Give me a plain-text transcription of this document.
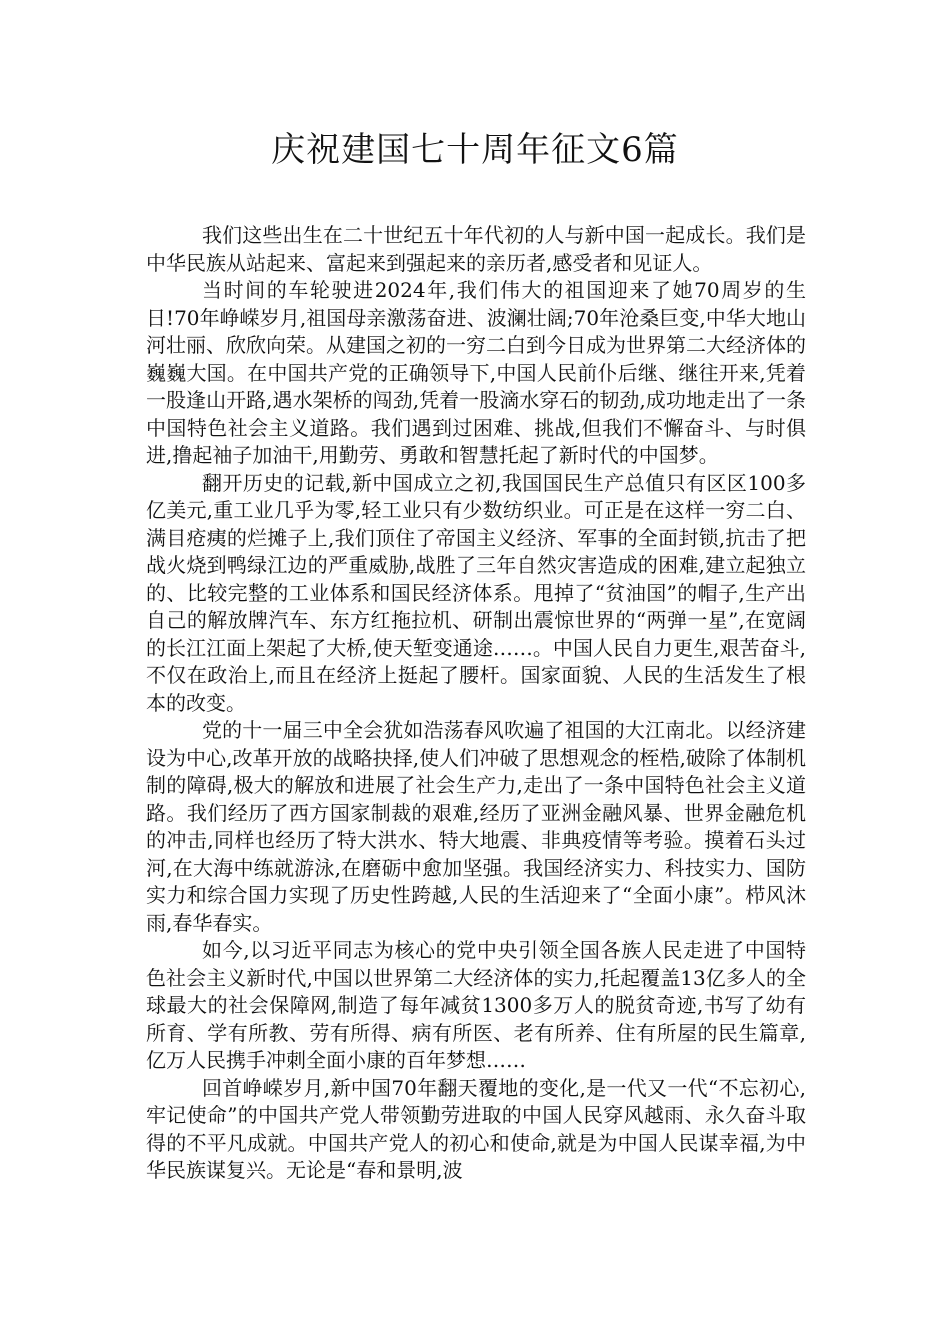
庆祝建国七十周年征文6篇

我们这些出生在二十世纪五十年代初的人与新中国一起成长。我们是中华民族从站起来、富起来到强起来的亲历者,感受者和见证人。

当时间的车轮驶进2024年,我们伟大的祖国迎来了她70周岁的生日!70年峥嵘岁月,祖国母亲激荡奋进、波澜壮阔;70年沧桑巨变,中华大地山河壮丽、欣欣向荣。从建国之初的一穷二白到今日成为世界第二大经济体的巍巍大国。在中国共产党的正确领导下,中国人民前仆后继、继往开来,凭着一股逢山开路,遇水架桥的闯劲,凭着一股滴水穿石的韧劲,成功地走出了一条中国特色社会主义道路。我们遇到过困难、挑战,但我们不懈奋斗、与时俱进,撸起袖子加油干,用勤劳、勇敢和智慧托起了新时代的中国梦。

翻开历史的记载,新中国成立之初,我国国民生产总值只有区区100多亿美元,重工业几乎为零,轻工业只有少数纺织业。可正是在这样一穷二白、满目疮痍的烂摊子上,我们顶住了帝国主义经济、军事的全面封锁,抗击了把战火烧到鸭绿江边的严重威胁,战胜了三年自然灾害造成的困难,建立起独立的、比较完整的工业体系和国民经济体系。甩掉了“贫油国”的帽子,生产出自己的解放牌汽车、东方红拖拉机、研制出震惊世界的“两弹一星”,在宽阔的长江江面上架起了大桥,使天堑变通途……。中国人民自力更生,艰苦奋斗,不仅在政治上,而且在经济上挺起了腰杆。国家面貌、人民的生活发生了根本的改变。

党的十一届三中全会犹如浩荡春风吹遍了祖国的大江南北。以经济建设为中心,改革开放的战略抉择,使人们冲破了思想观念的桎梏,破除了体制机制的障碍,极大的解放和进展了社会生产力,走出了一条中国特色社会主义道路。我们经历了西方国家制裁的艰难,经历了亚洲金融风暴、世界金融危机的冲击,同样也经历了特大洪水、特大地震、非典疫情等考验。摸着石头过河,在大海中练就游泳,在磨砺中愈加坚强。我国经济实力、科技实力、国防实力和综合国力实现了历史性跨越,人民的生活迎来了“全面小康”。栉风沐雨,春华春实。

如今,以习近平同志为核心的党中央引领全国各族人民走进了中国特色社会主义新时代,中国以世界第二大经济体的实力,托起覆盖13亿多人的全球最大的社会保障网,制造了每年减贫1300多万人的脱贫奇迹,书写了幼有所育、学有所教、劳有所得、病有所医、老有所养、住有所屋的民生篇章,亿万人民携手冲刺全面小康的百年梦想……

回首峥嵘岁月,新中国70年翻天覆地的变化,是一代又一代“不忘初心,牢记使命”的中国共产党人带领勤劳进取的中国人民穿风越雨、永久奋斗取得的不平凡成就。中国共产党人的初心和使命,就是为中国人民谋幸福,为中华民族谋复兴。无论是“春和景明,波
